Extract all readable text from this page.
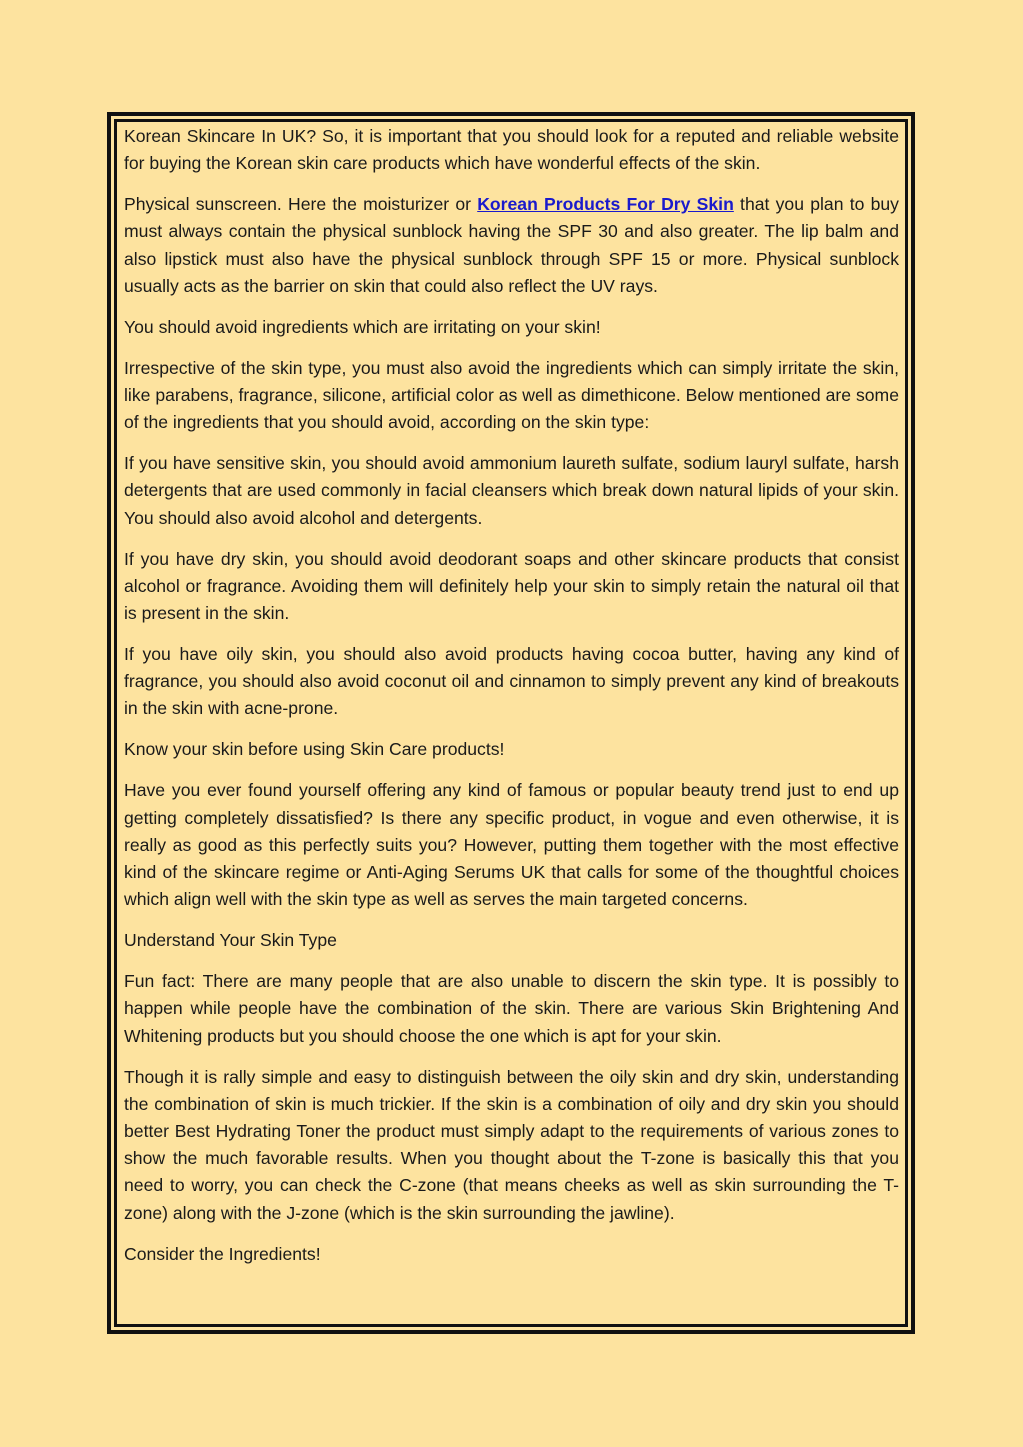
Korean Skincare In UK? So, it is important that you should look for a reputed and reliable website for buying the Korean skin care products which have wonderful effects of the skin.

Physical sunscreen. Here the moisturizer or Korean Products For Dry Skin that you plan to buy must always contain the physical sunblock having the SPF 30 and also greater. The lip balm and also lipstick must also have the physical sunblock through SPF 15 or more. Physical sunblock usually acts as the barrier on skin that could also reflect the UV rays.

You should avoid ingredients which are irritating on your skin!

Irrespective of the skin type, you must also avoid the ingredients which can simply irritate the skin, like parabens, fragrance, silicone, artificial color as well as dimethicone. Below mentioned are some of the ingredients that you should avoid, according on the skin type:

If you have sensitive skin, you should avoid ammonium laureth sulfate, sodium lauryl sulfate, harsh detergents that are used commonly in facial cleansers which break down natural lipids of your skin. You should also avoid alcohol and detergents.

If you have dry skin, you should avoid deodorant soaps and other skincare products that consist alcohol or fragrance. Avoiding them will definitely help your skin to simply retain the natural oil that is present in the skin.

If you have oily skin, you should also avoid products having cocoa butter, having any kind of fragrance, you should also avoid coconut oil and cinnamon to simply prevent any kind of breakouts in the skin with acne-prone.

Know your skin before using Skin Care products!

Have you ever found yourself offering any kind of famous or popular beauty trend just to end up getting completely dissatisfied? Is there any specific product, in vogue and even otherwise, it is really as good as this perfectly suits you? However, putting them together with the most effective kind of the skincare regime or Anti-Aging Serums UK that calls for some of the thoughtful choices which align well with the skin type as well as serves the main targeted concerns.

Understand Your Skin Type

Fun fact: There are many people that are also unable to discern the skin type. It is possibly to happen while people have the combination of the skin. There are various Skin Brightening And Whitening products but you should choose the one which is apt for your skin.

Though it is rally simple and easy to distinguish between the oily skin and dry skin, understanding the combination of skin is much trickier. If the skin is a combination of oily and dry skin you should better Best Hydrating Toner the product must simply adapt to the requirements of various zones to show the much favorable results. When you thought about the T-zone is basically this that you need to worry, you can check the C-zone (that means cheeks as well as skin surrounding the T-zone) along with the J-zone (which is the skin surrounding the jawline).

Consider the Ingredients!
